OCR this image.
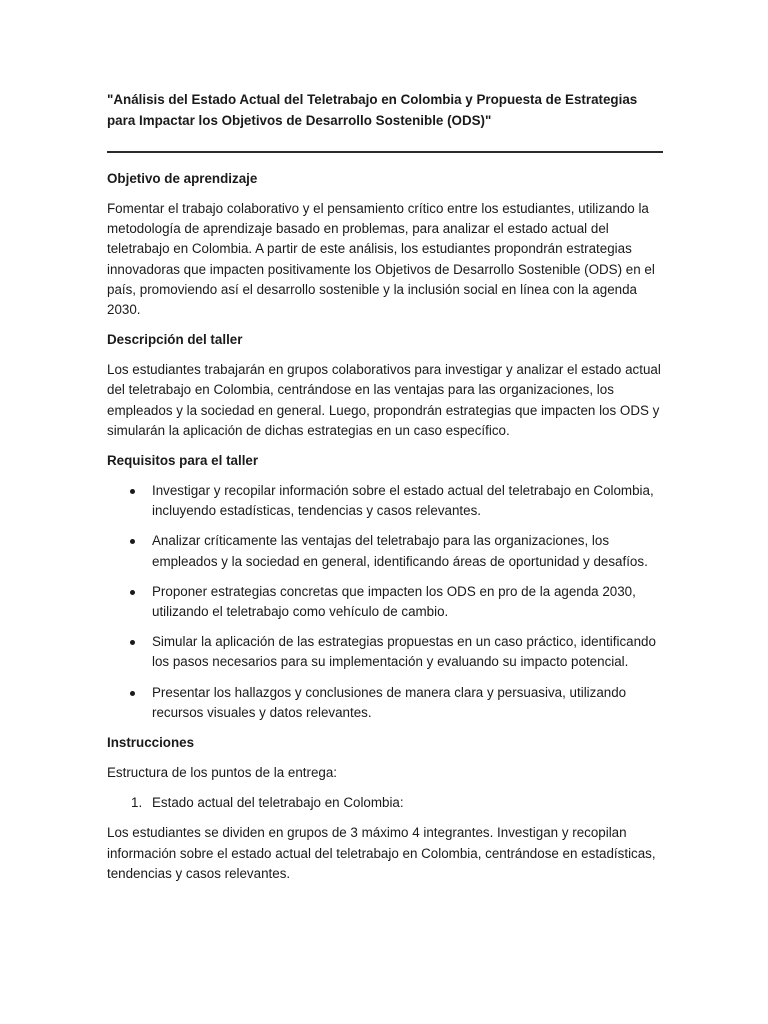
"Análisis del Estado Actual del Teletrabajo en Colombia y Propuesta de Estrategias para Impactar los Objetivos de Desarrollo Sostenible (ODS)"

Objetivo de aprendizaje

Fomentar el trabajo colaborativo y el pensamiento crítico entre los estudiantes, utilizando la metodología de aprendizaje basado en problemas, para analizar el estado actual del teletrabajo en Colombia. A partir de este análisis, los estudiantes propondrán estrategias innovadoras que impacten positivamente los Objetivos de Desarrollo Sostenible (ODS) en el país, promoviendo así el desarrollo sostenible y la inclusión social en línea con la agenda 2030.

Descripción del taller

Los estudiantes trabajarán en grupos colaborativos para investigar y analizar el estado actual del teletrabajo en Colombia, centrándose en las ventajas para las organizaciones, los empleados y la sociedad en general. Luego, propondrán estrategias que impacten los ODS y simularán la aplicación de dichas estrategias en un caso específico.

Requisitos para el taller

Investigar y recopilar información sobre el estado actual del teletrabajo en Colombia, incluyendo estadísticas, tendencias y casos relevantes.
Analizar críticamente las ventajas del teletrabajo para las organizaciones, los empleados y la sociedad en general, identificando áreas de oportunidad y desafíos.
Proponer estrategias concretas que impacten los ODS en pro de la agenda 2030, utilizando el teletrabajo como vehículo de cambio.
Simular la aplicación de las estrategias propuestas en un caso práctico, identificando los pasos necesarios para su implementación y evaluando su impacto potencial.
Presentar los hallazgos y conclusiones de manera clara y persuasiva, utilizando recursos visuales y datos relevantes.

Instrucciones

Estructura de los puntos de la entrega:

1. Estado actual del teletrabajo en Colombia:

Los estudiantes se dividen en grupos de 3 máximo 4 integrantes. Investigan y recopilan información sobre el estado actual del teletrabajo en Colombia, centrándose en estadísticas, tendencias y casos relevantes.
